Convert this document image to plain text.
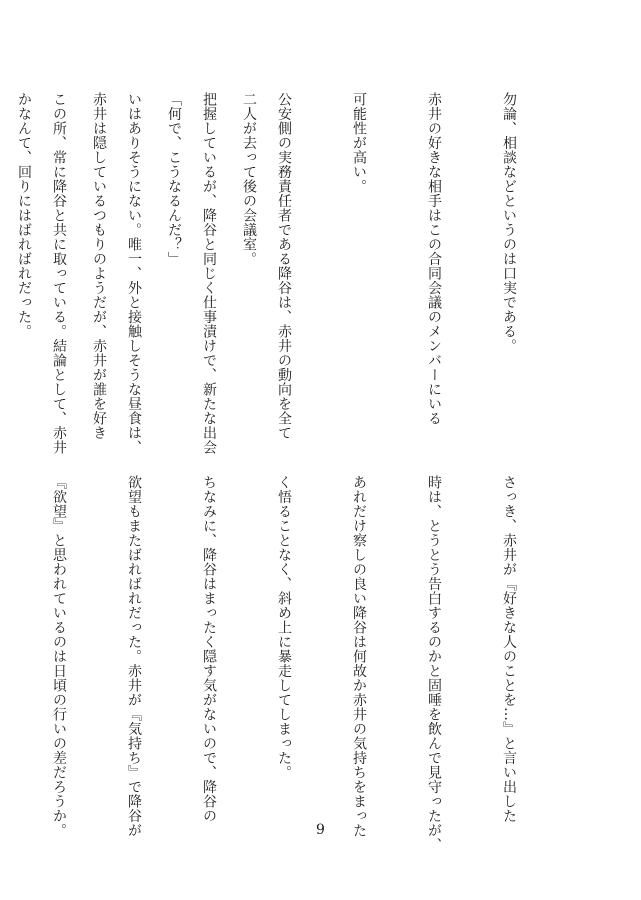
勿論、相談などというのは口実である。

赤井の好きな相手はこの合同会議のメンバーにいる

可能性が高い。

公安側の実務責任者である降谷は、赤井の動向を全て

把握しているが、降谷と同じく仕事漬けで、新たな出会

いはありそうにない。唯一、外と接触しそうな昼食は、

この所、常に降谷と共に取っている。結論として、赤井

	二人が去って後の会議室。

「何で、こうなるんだ？」

赤井は隠しているつもりのようだが、赤井が誰を好き

かなんて、回りにはばればれだった。

さっき、赤井が『好きな人のことを…』と言い出した

時は、とうとう告白するのかと固唾を飲んで見守ったが、

あれだけ察しの良い降谷は何故か赤井の気持ちをまった

く悟ることなく、斜め上に暴走してしまった。

ちなみに、降谷はまったく隠す気がないので、降谷の

欲望もまたばればれだった。赤井が『気持ち』で降谷が

『欲望』と思われているのは日頃の行いの差だろうか。

	9
